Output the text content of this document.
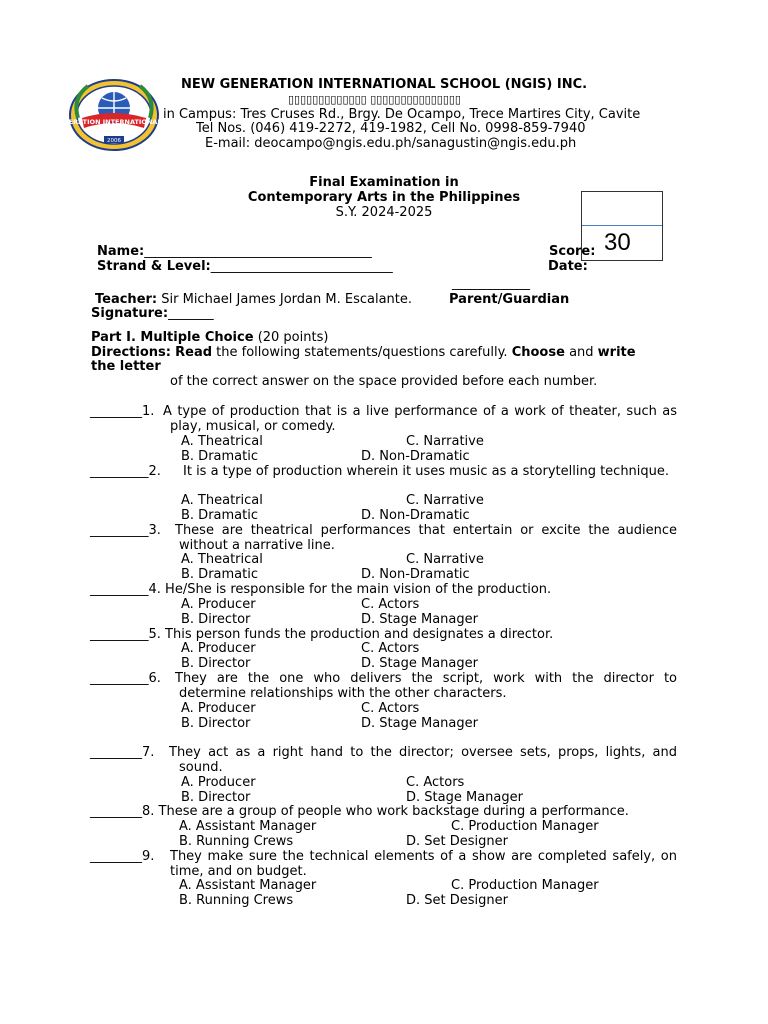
NEW GENERATION INTERNATIONAL SCHOOL
2006
NEW GENERATION INTERNATIONAL SCHOOL (NGIS) INC.
▯▯▯▯▯▯▯▯▯▯▯▯▯ ▯▯▯▯▯▯▯▯▯▯▯▯▯▯▯
in Campus: Tres Cruses Rd., Brgy. De Ocampo, Trece Martires City, Cavite
Tel Nos. (046) 419-2272, 419-1982, Cell No. 0998-859-7940
E-mail: deocampo@ngis.edu.ph/sanagustin@ngis.edu.ph
Final Examination in
Contemporary Arts in the Philippines
S.Y. 2024-2025
30
Name:___________________________________	Score:
Strand & Level:____________________________	Date:
____________
Teacher: Sir Michael James Jordan M. Escalante.	Parent/Guardian
Signature:_______
Part I. Multiple Choice (20 points)
Directions: Read the following statements/questions carefully. Choose and write
the letter
of the correct answer on the space provided before each number.
________1. A type of production that is a live performance of a work of theater, such as play, musical, or comedy.
A. Theatrical	C. Narrative
B. Dramatic	D. Non-Dramatic
_________2.	It is a type of production wherein it uses music as a storytelling technique.
A. Theatrical	C. Narrative
B. Dramatic	D. Non-Dramatic
_________3. These are theatrical performances that entertain or excite the audience without a narrative line.
A. Theatrical	C. Narrative
B. Dramatic	D. Non-Dramatic
_________4. He/She is responsible for the main vision of the production.
A. Producer	C. Actors
B. Director	D. Stage Manager
_________5. This person funds the production and designates a director.
A. Producer	C. Actors
B. Director	D. Stage Manager
_________6. They are the one who delivers the script, work with the director to determine relationships with the other characters.
A. Producer	C. Actors
B. Director	D. Stage Manager
________7. They act as a right hand to the director; oversee sets, props, lights, and sound.
A. Producer	C. Actors
B. Director	D. Stage Manager
________8. These are a group of people who work backstage during a performance.
A. Assistant Manager	C. Production Manager
B. Running Crews	D. Set Designer
________9. They make sure the technical elements of a show are completed safely, on time, and on budget.
A. Assistant Manager	C. Production Manager
B. Running Crews	D. Set Designer
